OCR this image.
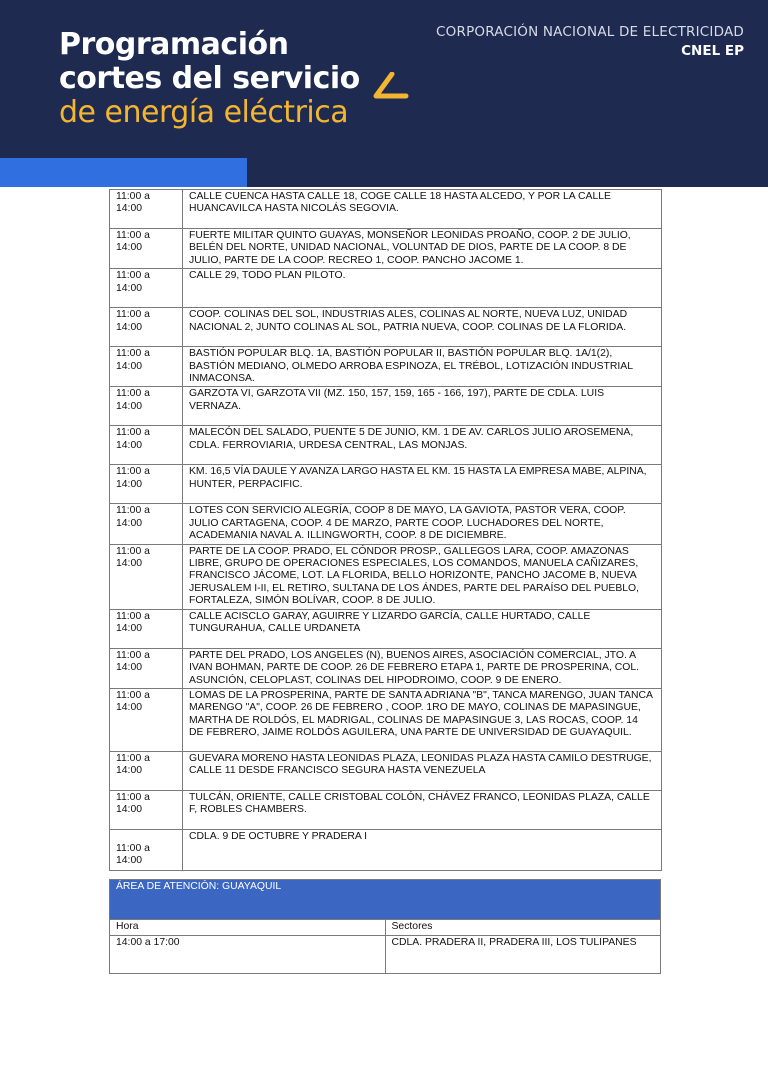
Programación
cortes del servicio
de energía eléctrica
CORPORACIÓN NACIONAL DE ELECTRICIDAD
CNEL EP
11:00 a 14:00	CALLE CUENCA HASTA CALLE 18, COGE CALLE 18 HASTA ALCEDO, Y POR LA CALLE HUANCAVILCA HASTA NICOLÁS SEGOVIA.
11:00 a 14:00	FUERTE MILITAR QUINTO GUAYAS, MONSEÑOR LEONIDAS PROAÑO, COOP. 2 DE JULIO, BELÉN DEL NORTE, UNIDAD NACIONAL, VOLUNTAD DE DIOS, PARTE DE LA COOP. 8 DE JULIO, PARTE DE LA COOP. RECREO 1, COOP. PANCHO JACOME 1.
11:00 a 14:00	CALLE 29, TODO PLAN PILOTO.
11:00 a 14:00	COOP. COLINAS DEL SOL, INDUSTRIAS ALES, COLINAS AL NORTE, NUEVA LUZ, UNIDAD NACIONAL 2, JUNTO COLINAS AL SOL, PATRIA NUEVA, COOP. COLINAS DE LA FLORIDA.
11:00 a 14:00	BASTIÓN POPULAR BLQ. 1A, BASTIÓN POPULAR II, BASTIÓN POPULAR BLQ. 1A/1(2), BASTIÓN MEDIANO, OLMEDO ARROBA ESPINOZA, EL TRÉBOL, LOTIZACIÓN INDUSTRIAL INMACONSA.
11:00 a 14:00	GARZOTA VI, GARZOTA VII (MZ. 150, 157, 159, 165 - 166, 197), PARTE DE CDLA. LUIS VERNAZA.
11:00 a 14:00	MALECÓN DEL SALADO, PUENTE 5 DE JUNIO, KM. 1 DE AV. CARLOS JULIO AROSEMENA, CDLA. FERROVIARIA, URDESA CENTRAL, LAS MONJAS.
11:00 a 14:00	KM. 16,5 VÍA DAULE Y AVANZA LARGO HASTA EL KM. 15 HASTA LA EMPRESA MABE, ALPINA, HUNTER, PERPACIFIC.
11:00 a 14:00	LOTES CON SERVICIO ALEGRÍA, COOP 8 DE MAYO, LA GAVIOTA, PASTOR VERA, COOP. JULIO CARTAGENA, COOP. 4 DE MARZO, PARTE COOP. LUCHADORES DEL NORTE, ACADEMANIA NAVAL A. ILLINGWORTH, COOP. 8 DE DICIEMBRE.
11:00 a 14:00	PARTE DE LA COOP. PRADO, EL CÓNDOR PROSP., GALLEGOS LARA, COOP. AMAZONAS LIBRE, GRUPO DE OPERACIONES ESPECIALES, LOS COMANDOS, MANUELA CAÑIZARES, FRANCISCO JÁCOME, LOT. LA FLORIDA, BELLO HORIZONTE, PANCHO JACOME B, NUEVA JERUSALEM I-II, EL RETIRO, SULTANA DE LOS ÁNDES, PARTE DEL PARAÍSO DEL PUEBLO, FORTALEZA, SIMÓN BOLÍVAR, COOP. 8 DE JULIO.
11:00 a 14:00	CALLE ACISCLO GARAY, AGUIRRE Y LIZARDO GARCÍA, CALLE HURTADO, CALLE TUNGURAHUA, CALLE URDANETA
11:00 a 14:00	PARTE DEL PRADO, LOS ANGELES (N), BUENOS AIRES, ASOCIACIÓN COMERCIAL, JTO. A IVAN BOHMAN, PARTE DE COOP. 26 DE FEBRERO ETAPA 1, PARTE DE PROSPERINA, COL. ASUNCIÓN, CELOPLAST, COLINAS DEL HIPODROIMO, COOP. 9 DE ENERO.
11:00 a 14:00	LOMAS DE LA PROSPERINA, PARTE DE SANTA ADRIANA "B", TANCA MARENGO, JUAN TANCA MARENGO "A", COOP. 26 DE FEBRERO , COOP. 1RO DE MAYO, COLINAS DE MAPASINGUE, MARTHA DE ROLDÓS, EL MADRIGAL, COLINAS DE MAPASINGUE 3, LAS ROCAS, COOP. 14 DE FEBRERO, JAIME ROLDÓS AGUILERA, UNA PARTE DE UNIVERSIDAD DE GUAYAQUIL.
11:00 a 14:00	GUEVARA MORENO HASTA LEONIDAS PLAZA, LEONIDAS PLAZA HASTA CAMILO DESTRUGE, CALLE 11 DESDE FRANCISCO SEGURA HASTA VENEZUELA
11:00 a 14:00	TULCÁN, ORIENTE, CALLE CRISTOBAL COLÓN, CHÁVEZ FRANCO, LEONIDAS PLAZA, CALLE F, ROBLES CHAMBERS.
11:00 a 14:00	CDLA. 9 DE OCTUBRE Y PRADERA I
ÁREA DE ATENCIÓN: GUAYAQUIL	
Hora	Sectores
14:00 a 17:00	CDLA. PRADERA II, PRADERA III, LOS TULIPANES
